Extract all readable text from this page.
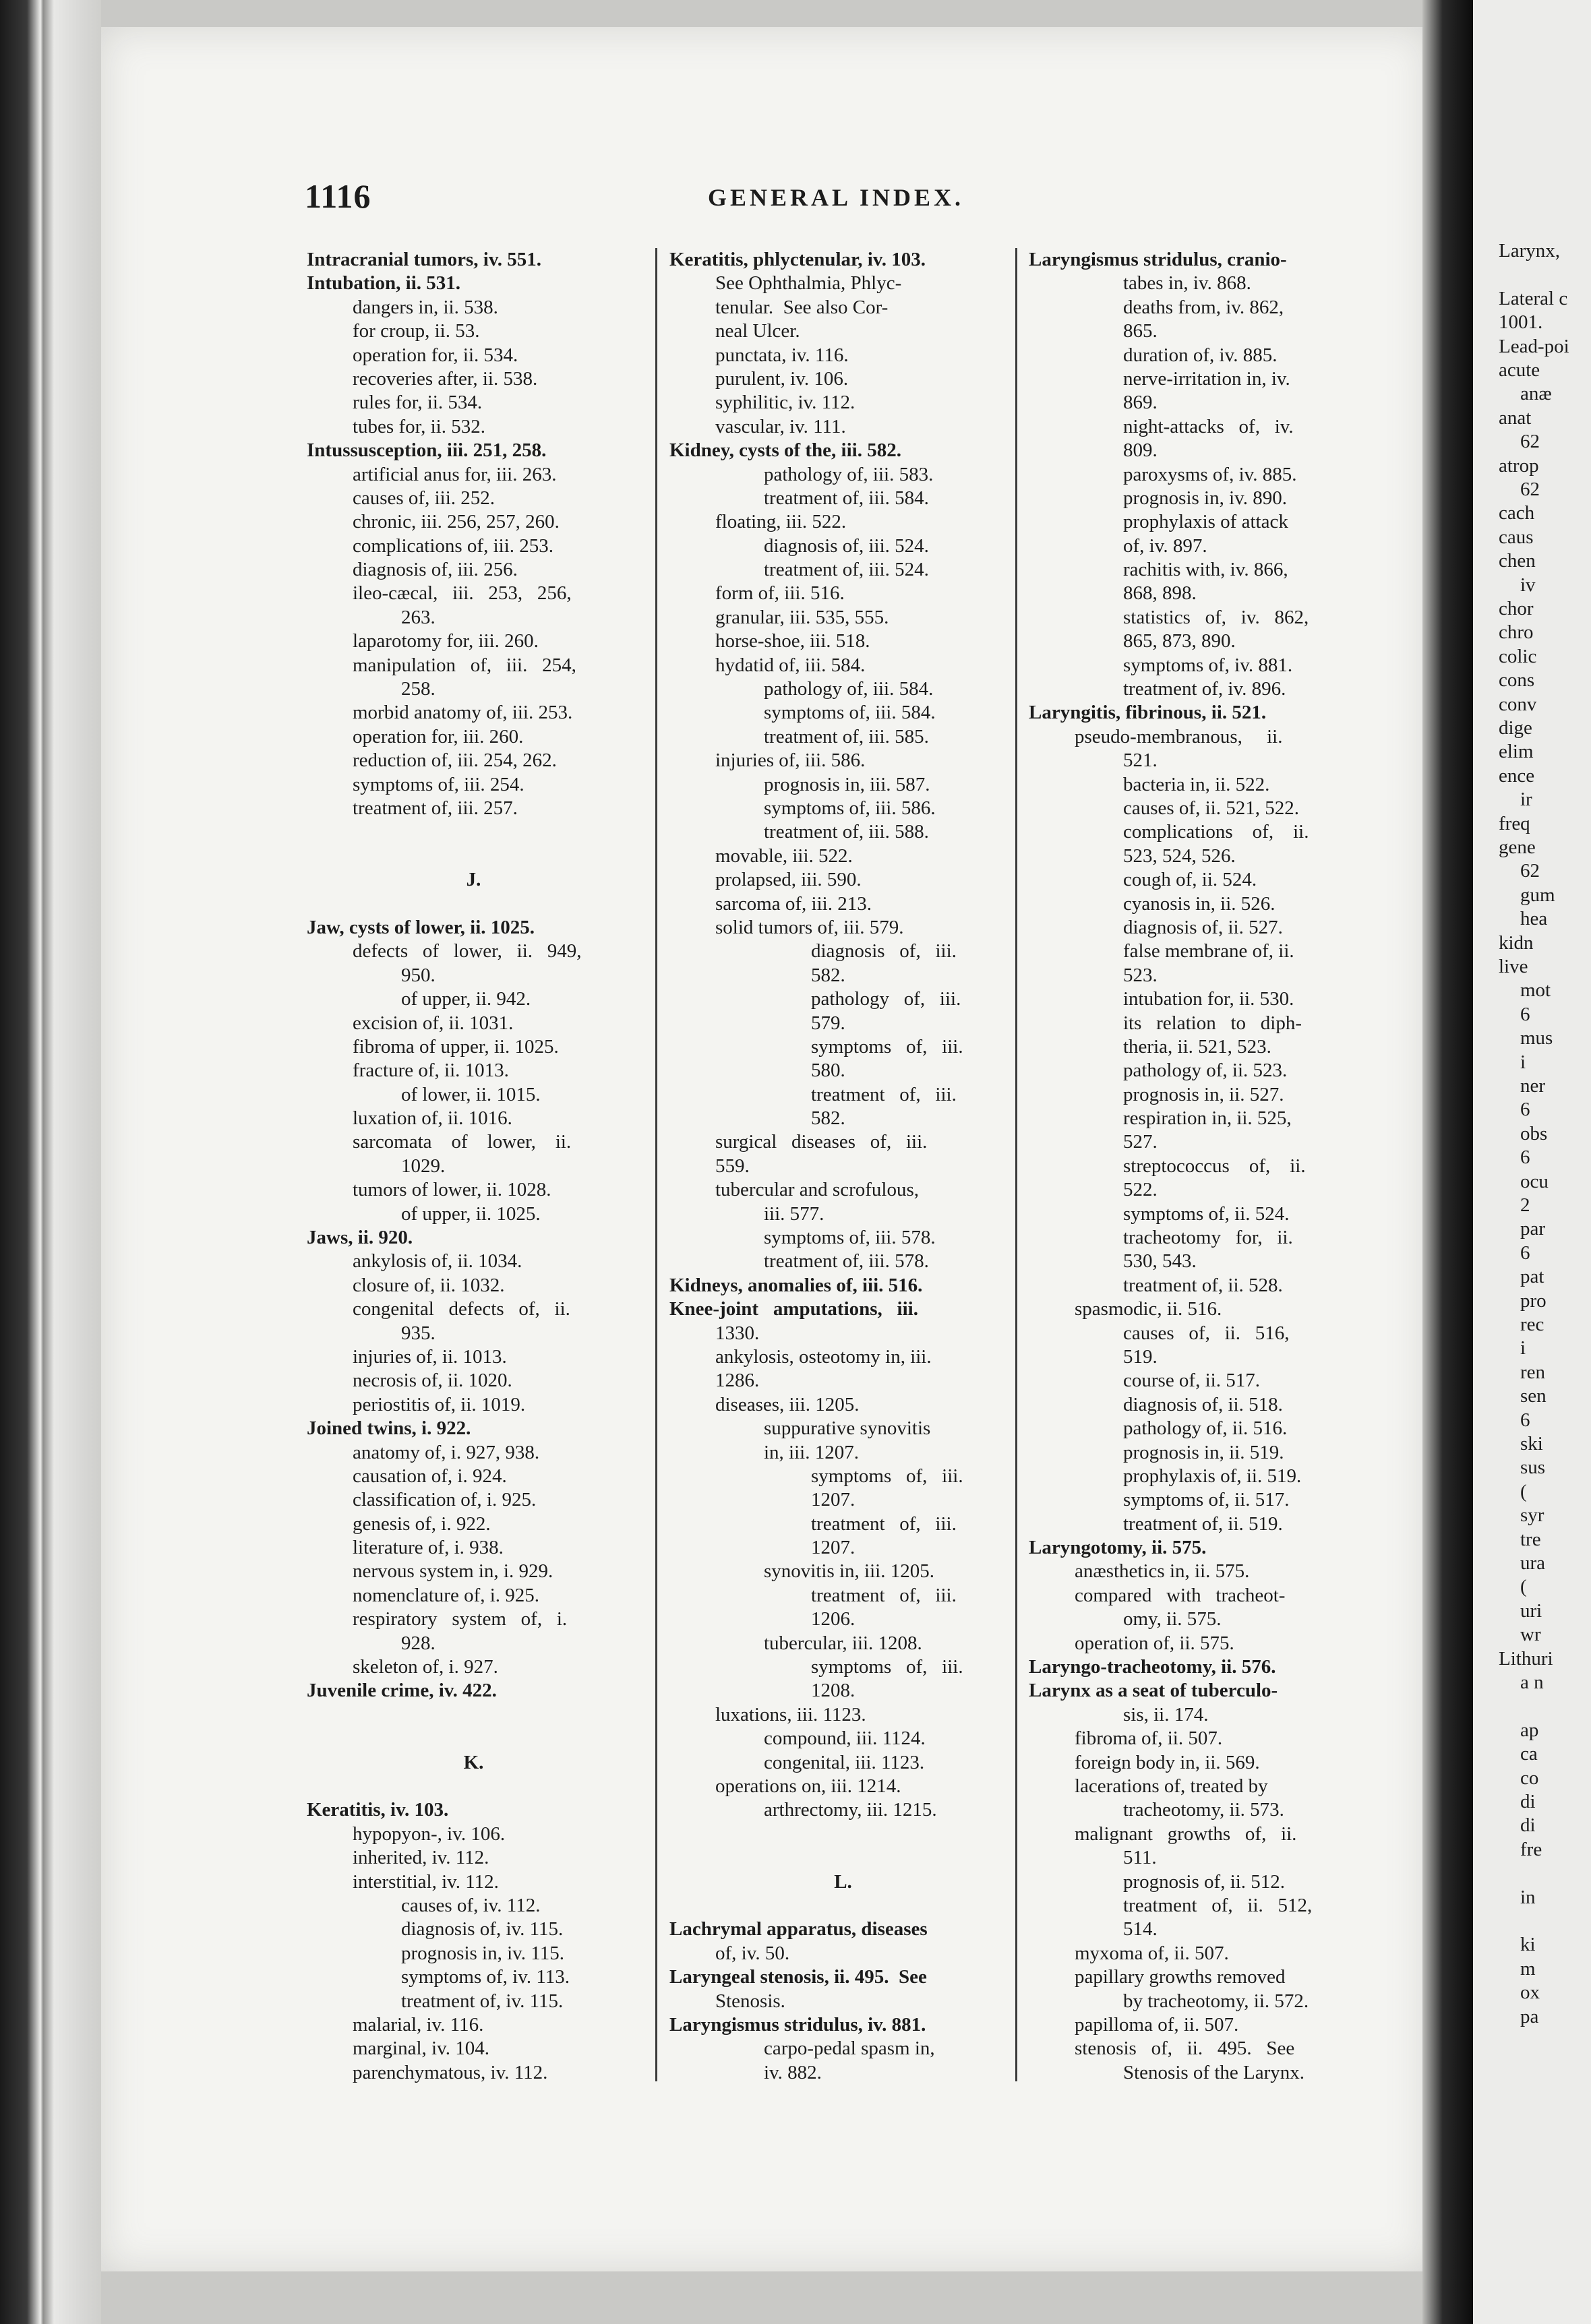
1116	GENERAL INDEX.
Intracranial tumors, iv. 551.
Intubation, ii. 531.
dangers in, ii. 538.
for croup, ii. 53.
operation for, ii. 534.
recoveries after, ii. 538.
rules for, ii. 534.
tubes for, ii. 532.
Intussusception, iii. 251, 258.
artificial anus for, iii. 263.
causes of, iii. 252.
chronic, iii. 256, 257, 260.
complications of, iii. 253.
diagnosis of, iii. 256.
ileo-cæcal,   iii.   253,   256,
263.
laparotomy for, iii. 260.
manipulation   of,   iii.   254,
258.
morbid anatomy of, iii. 253.
operation for, iii. 260.
reduction of, iii. 254, 262.
symptoms of, iii. 254.
treatment of, iii. 257.
J.
Jaw, cysts of lower, ii. 1025.
defects   of   lower,   ii.   949,
950.
of upper, ii. 942.
excision of, ii. 1031.
fibroma of upper, ii. 1025.
fracture of, ii. 1013.
of lower, ii. 1015.
luxation of, ii. 1016.
sarcomata    of    lower,    ii.
1029.
tumors of lower, ii. 1028.
of upper, ii. 1025.
Jaws, ii. 920.
ankylosis of, ii. 1034.
closure of, ii. 1032.
congenital   defects   of,   ii.
935.
injuries of, ii. 1013.
necrosis of, ii. 1020.
periostitis of, ii. 1019.
Joined twins, i. 922.
anatomy of, i. 927, 938.
causation of, i. 924.
classification of, i. 925.
genesis of, i. 922.
literature of, i. 938.
nervous system in, i. 929.
nomenclature of, i. 925.
respiratory   system   of,   i.
928.
skeleton of, i. 927.
Juvenile crime, iv. 422.
K.
Keratitis, iv. 103.
hypopyon-, iv. 106.
inherited, iv. 112.
interstitial, iv. 112.
causes of, iv. 112.
diagnosis of, iv. 115.
prognosis in, iv. 115.
symptoms of, iv. 113.
treatment of, iv. 115.
malarial, iv. 116.
marginal, iv. 104.
parenchymatous, iv. 112.
Keratitis, phlyctenular, iv. 103.
See Ophthalmia, Phlyc-
tenular.  See also Cor-
neal Ulcer.
punctata, iv. 116.
purulent, iv. 106.
syphilitic, iv. 112.
vascular, iv. 111.
Kidney, cysts of the, iii. 582.
pathology of, iii. 583.
treatment of, iii. 584.
floating, iii. 522.
diagnosis of, iii. 524.
treatment of, iii. 524.
form of, iii. 516.
granular, iii. 535, 555.
horse-shoe, iii. 518.
hydatid of, iii. 584.
pathology of, iii. 584.
symptoms of, iii. 584.
treatment of, iii. 585.
injuries of, iii. 586.
prognosis in, iii. 587.
symptoms of, iii. 586.
treatment of, iii. 588.
movable, iii. 522.
prolapsed, iii. 590.
sarcoma of, iii. 213.
solid tumors of, iii. 579.
diagnosis   of,   iii.
582.
pathology   of,   iii.
579.
symptoms   of,   iii.
580.
treatment   of,   iii.
582.
surgical   diseases   of,   iii.
559.
tubercular and scrofulous,
iii. 577.
symptoms of, iii. 578.
treatment of, iii. 578.
Kidneys, anomalies of, iii. 516.
Knee-joint   amputations,   iii.
1330.
ankylosis, osteotomy in, iii.
1286.
diseases, iii. 1205.
suppurative synovitis
in, iii. 1207.
symptoms   of,   iii.
1207.
treatment   of,   iii.
1207.
synovitis in, iii. 1205.
treatment   of,   iii.
1206.
tubercular, iii. 1208.
symptoms   of,   iii.
1208.
luxations, iii. 1123.
compound, iii. 1124.
congenital, iii. 1123.
operations on, iii. 1214.
arthrectomy, iii. 1215.
L.
Lachrymal apparatus, diseases
of, iv. 50.
Laryngeal stenosis, ii. 495.  See
Stenosis.
Laryngismus stridulus, iv. 881.
carpo-pedal spasm in,
iv. 882.
Laryngismus stridulus, cranio-
tabes in, iv. 868.
deaths from, iv. 862,
865.
duration of, iv. 885.
nerve-irritation in, iv.
869.
night-attacks   of,   iv.
809.
paroxysms of, iv. 885.
prognosis in, iv. 890.
prophylaxis of attack
of, iv. 897.
rachitis with, iv. 866,
868, 898.
statistics   of,   iv.   862,
865, 873, 890.
symptoms of, iv. 881.
treatment of, iv. 896.
Laryngitis, fibrinous, ii. 521.
pseudo-membranous,     ii.
521.
bacteria in, ii. 522.
causes of, ii. 521, 522.
complications    of,    ii.
523, 524, 526.
cough of, ii. 524.
cyanosis in, ii. 526.
diagnosis of, ii. 527.
false membrane of, ii.
523.
intubation for, ii. 530.
its   relation   to   diph-
theria, ii. 521, 523.
pathology of, ii. 523.
prognosis in, ii. 527.
respiration in, ii. 525,
527.
streptococcus    of,    ii.
522.
symptoms of, ii. 524.
tracheotomy   for,   ii.
530, 543.
treatment of, ii. 528.
spasmodic, ii. 516.
causes   of,   ii.   516,
519.
course of, ii. 517.
diagnosis of, ii. 518.
pathology of, ii. 516.
prognosis in, ii. 519.
prophylaxis of, ii. 519.
symptoms of, ii. 517.
treatment of, ii. 519.
Laryngotomy, ii. 575.
anæsthetics in, ii. 575.
compared   with   tracheot-
omy, ii. 575.
operation of, ii. 575.
Laryngo-tracheotomy, ii. 576.
Larynx as a seat of tuberculo-
sis, ii. 174.
fibroma of, ii. 507.
foreign body in, ii. 569.
lacerations of, treated by
tracheotomy, ii. 573.
malignant   growths   of,   ii.
511.
prognosis of, ii. 512.
treatment   of,   ii.   512,
514.
myxoma of, ii. 507.
papillary growths removed
by tracheotomy, ii. 572.
papilloma of, ii. 507.
stenosis   of,   ii.   495.   See
Stenosis of the Larynx.
Larynx,
Lateral c
1001.
Lead-poi
acute
anæ
anat
62
atrop
62
cach
caus
chen
iv
chor
chro
colic
cons
conv
dige
elim
ence
ir
freq
gene
62
gum
hea
kidn
live
mot
6
mus
i
ner
6
obs
6
ocu
2
par
6
pat
pro
rec
i
ren
sen
6
ski
sus
(
syr
tre
ura
(
uri
wr
Lithuri
a n
ap
ca
co
di
di
fre
in
ki
m
ox
pa
